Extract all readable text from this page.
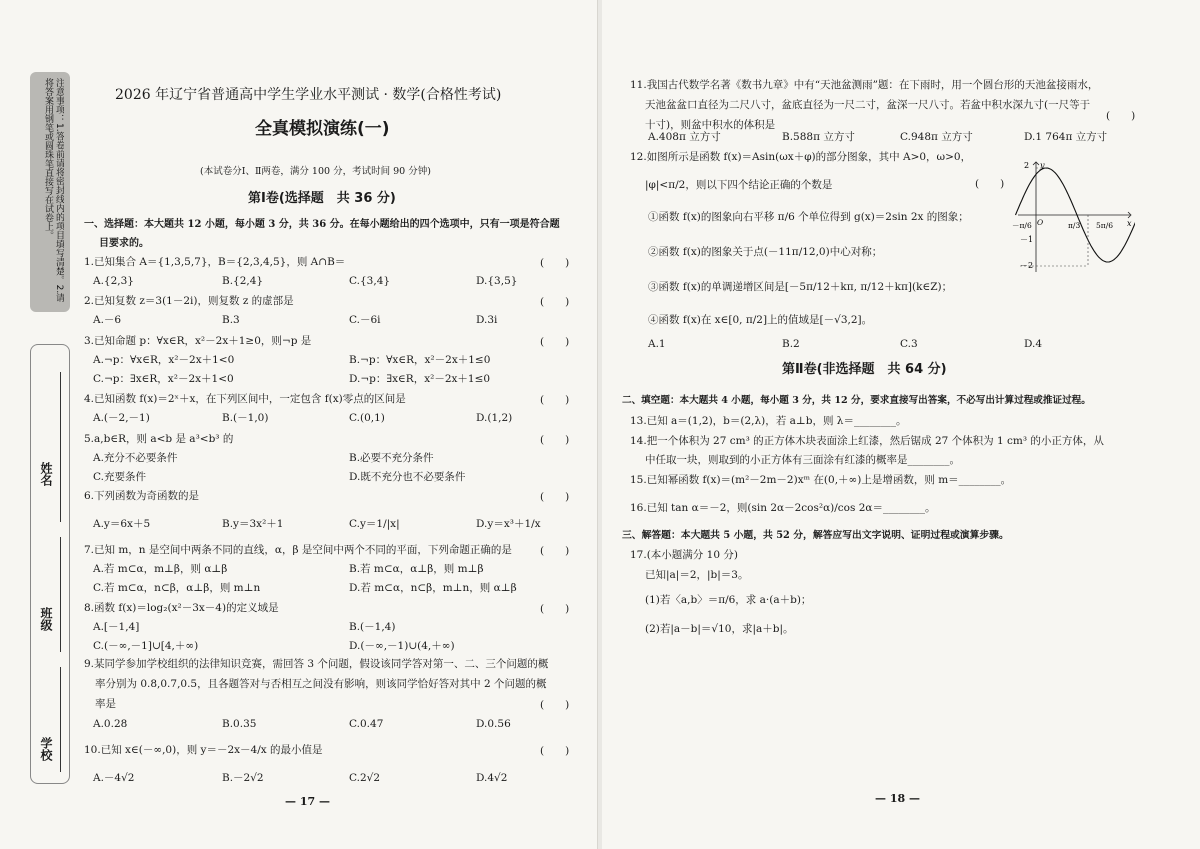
注意事项：1.答卷前请将密封线内的项目填写清楚。2.请将答案用钢笔或圆珠笔直接写在试卷上。
姓名
班级
学校
2026 年辽宁省普通高中学生学业水平测试 · 数学(合格性考试)
全真模拟演练(一)
(本试卷分Ⅰ、Ⅱ两卷，满分 100 分，考试时间 90 分钟)
第Ⅰ卷(选择题　共 36 分)
一、选择题：本大题共 12 小题，每小题 3 分，共 36 分。在每小题给出的四个选项中，只有一项是符合题
目要求的。
1.已知集合 A＝{1,3,5,7}，B＝{2,3,4,5}，则 A∩B＝	(　　)
A.{2,3}	B.{2,4}	C.{3,4}	D.{3,5}
2.已知复数 z＝3(1－2i)，则复数 z 的虚部是	(　　)
A.－6	B.3	C.－6i	D.3i
3.已知命题 p：∀x∈R，x²－2x＋1≥0，则¬p 是	(　　)
A.¬p：∀x∈R，x²－2x＋1<0	B.¬p：∀x∈R，x²－2x＋1≤0
C.¬p：∃x∈R，x²－2x＋1<0	D.¬p：∃x∈R，x²－2x＋1≤0
4.已知函数 f(x)＝2ˣ＋x，在下列区间中，一定包含 f(x)零点的区间是	(　　)
A.(－2,－1)	B.(－1,0)	C.(0,1)	D.(1,2)
5.a,b∈R，则 a<b 是 a³<b³ 的	(　　)
A.充分不必要条件	B.必要不充分条件
C.充要条件	D.既不充分也不必要条件
6.下列函数为奇函数的是	(　　)
A.y＝6x＋5	B.y＝3x²＋1	C.y＝1/|x|	D.y＝x³＋1/x
7.已知 m，n 是空间中两条不同的直线，α，β 是空间中两个不同的平面，下列命题正确的是	(　　)
A.若 m⊂α，m⊥β，则 α⊥β	B.若 m⊂α，α⊥β，则 m⊥β
C.若 m⊂α，n⊂β，α⊥β，则 m⊥n	D.若 m⊂α，n⊂β，m⊥n，则 α⊥β
8.函数 f(x)＝log₂(x²－3x－4)的定义域是	(　　)
A.[－1,4]	B.(－1,4)
C.(－∞,－1]∪[4,＋∞)	D.(－∞,－1)∪(4,＋∞)
9.某同学参加学校组织的法律知识竞赛，需回答 3 个问题，假设该同学答对第一、二、三个问题的概
率分别为 0.8,0.7,0.5，且各题答对与否相互之间没有影响，则该同学恰好答对其中 2 个问题的概
率是	(　　)
A.0.28	B.0.35	C.0.47	D.0.56
10.已知 x∈(－∞,0)，则 y＝－2x－4/x 的最小值是	(　　)
A.－4√2	B.－2√2	C.2√2	D.4√2
11.我国古代数学名著《数书九章》中有“天池盆测雨”题：在下雨时，用一个圆台形的天池盆接雨水，
天池盆盆口直径为二尺八寸，盆底直径为一尺二寸，盆深一尺八寸。若盆中积水深九寸(一尺等于
十寸)，则盆中积水的体积是
(　　)
A.408π 立方寸	B.588π 立方寸	C.948π 立方寸	D.1 764π 立方寸
12.如图所示是函数 f(x)＝Asin(ωx＋φ)的部分图象，其中 A>0，ω>0，
|φ|<π/2，则以下四个结论正确的个数是	(　　)
①函数 f(x)的图象向右平移 π/6 个单位得到 g(x)＝2sin 2x 的图象；
②函数 f(x)的图象关于点(－11π/12,0)中心对称；
③函数 f(x)的单调递增区间是[－5π/12＋kπ, π/12＋kπ](k∈Z)；
④函数 f(x)在 x∈[0, π/2]上的值域是[－√3,2]。
A.1	B.2	C.3	D.4
2
－1
－2
－π/6 O	π/3 5π/6 x
y
第Ⅱ卷(非选择题　共 64 分)
二、填空题：本大题共 4 小题，每小题 3 分，共 12 分，要求直接写出答案，不必写出计算过程或推证过程。
13.已知 a＝(1,2)，b＝(2,λ)，若 a⊥b，则 λ＝________。
14.把一个体积为 27 cm³ 的正方体木块表面涂上红漆，然后锯成 27 个体积为 1 cm³ 的小正方体，从
中任取一块，则取到的小正方体有三面涂有红漆的概率是________。
15.已知幂函数 f(x)＝(m²－2m－2)xᵐ 在(0,＋∞)上是增函数，则 m＝________。
16.已知 tan α＝－2，则(sin 2α－2cos²α)/cos 2α＝________。
三、解答题：本大题共 5 小题，共 52 分，解答应写出文字说明、证明过程或演算步骤。
17.(本小题满分 10 分)
已知|a|＝2，|b|＝3。
(1)若〈a,b〉＝π/6，求 a·(a＋b)；
(2)若|a－b|＝√10，求|a＋b|。
— 17 —	— 18 —
